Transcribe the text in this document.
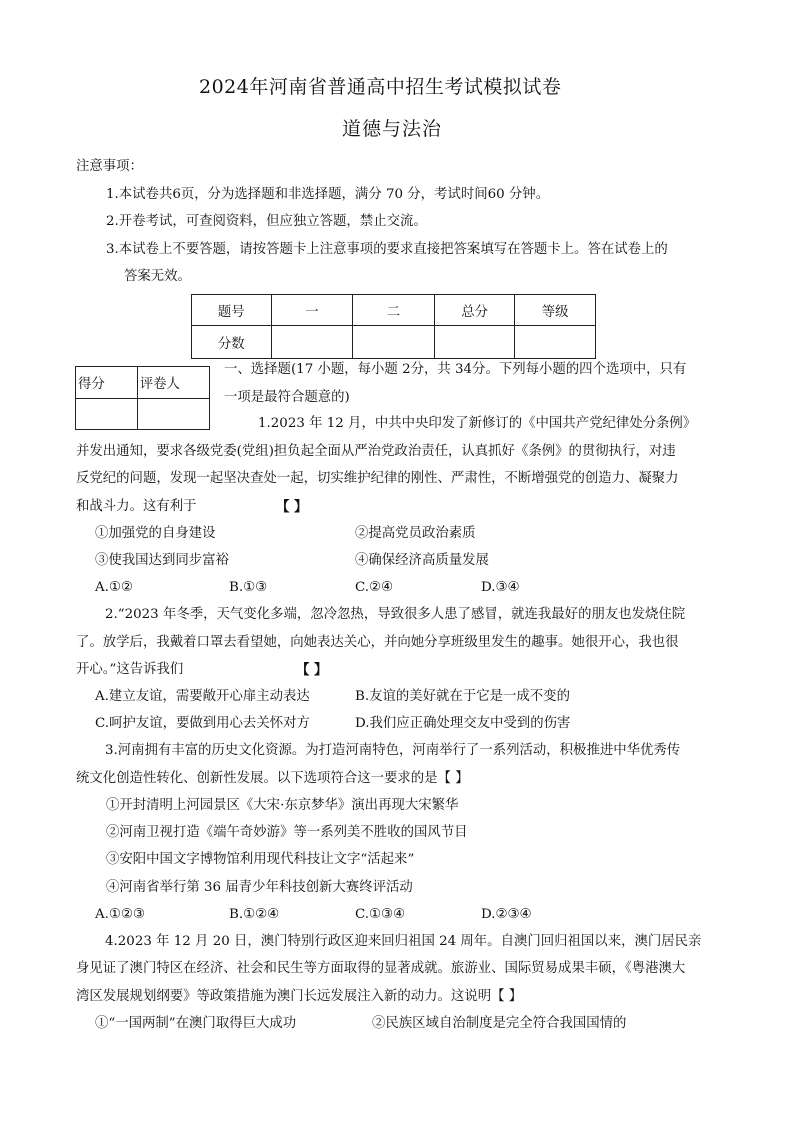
2024年河南省普通高中招生考试模拟试卷
道德与法治
注意事项：
1.本试卷共6页，分为选择题和非选择题，满分 70 分，考试时间60 分钟。
2.开卷考试，可查阅资料，但应独立答题，禁止交流。
3.本试卷上不要答题，请按答题卡上注意事项的要求直接把答案填写在答题卡上。答在试卷上的
答案无效。
题号	一	二	总分	等级
分数				
得分	评卷人

一、选择题(17 小题，每小题 2分，共 34分。下列每小题的四个选项中，只有
一项是最符合题意的)
1.2023 年 12 月，中共中央印发了新修订的《中国共产党纪律处分条例》
并发出通知，要求各级党委(党组)担负起全面从严治党政治责任，认真抓好《条例》的贯彻执行，对违
反党纪的问题，发现一起坚决查处一起，切实维护纪律的刚性、严肃性，不断增强党的创造力、凝聚力
和战斗力。这有利于	【 】
①加强党的自身建设	②提高党员政治素质
③使我国达到同步富裕	④确保经济高质量发展
A.①②	B.①③	C.②④	D.③④
2.“2023 年冬季，天气变化多端，忽冷忽热，导致很多人患了感冒，就连我最好的朋友也发烧住院
了。放学后，我戴着口罩去看望她，向她表达关心，并向她分享班级里发生的趣事。她很开心，我也很
开心。”这告诉我们	【 】
A.建立友谊，需要敞开心扉主动表达	B.友谊的美好就在于它是一成不变的
C.呵护友谊，要做到用心去关怀对方	D.我们应正确处理交友中受到的伤害
3.河南拥有丰富的历史文化资源。为打造河南特色，河南举行了一系列活动，积极推进中华优秀传
统文化创造性转化、创新性发展。以下选项符合这一要求的是【 】
①开封清明上河园景区《大宋·东京梦华》演出再现大宋繁华
②河南卫视打造《端午奇妙游》等一系列美不胜收的国风节目
③安阳中国文字博物馆利用现代科技让文字“活起来”
④河南省举行第 36 届青少年科技创新大赛终评活动
A.①②③	B.①②④	C.①③④	D.②③④
4.2023 年 12 月 20 日，澳门特别行政区迎来回归祖国 24 周年。自澳门回归祖国以来，澳门居民亲
身见证了澳门特区在经济、社会和民生等方面取得的显著成就。旅游业、国际贸易成果丰硕，《粤港澳大
湾区发展规划纲要》等政策措施为澳门长远发展注入新的动力。这说明【 】
①“一国两制”在澳门取得巨大成功	②民族区域自治制度是完全符合我国国情的
